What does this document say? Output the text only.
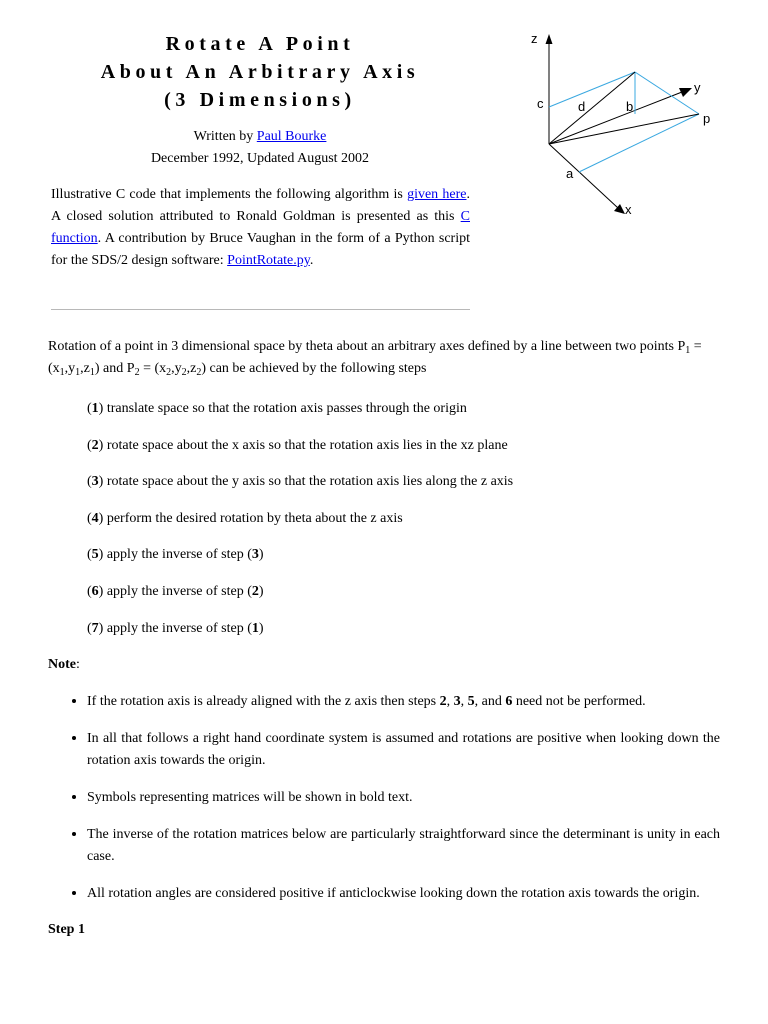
Rotate A Point
About An Arbitrary Axis
(3 Dimensions)
Written by Paul Bourke
December 1992, Updated August 2002

Illustrative C code that implements the following algorithm is given here. A closed solution attributed to Ronald Goldman is presented as this C function. A contribution by Bruce Vaughan in the form of a Python script for the SDS/2 design software: PointRotate.py.

z
y
x
c	d	b
p
a

Rotation of a point in 3 dimensional space by theta about an arbitrary axes defined by a line between two points $P_1 = (x_1,y_1,z_1)$ and $P_2 = (x_2,y_2,z_2)$ can be achieved by the following steps

(1) translate space so that the rotation axis passes through the origin

(2) rotate space about the x axis so that the rotation axis lies in the xz plane

(3) rotate space about the y axis so that the rotation axis lies along the z axis

(4) perform the desired rotation by theta about the z axis

(5) apply the inverse of step (3)

(6) apply the inverse of step (2)

(7) apply the inverse of step (1)

Note:

• If the rotation axis is already aligned with the z axis then steps 2, 3, 5, and 6 need not be performed.
• In all that follows a right hand coordinate system is assumed and rotations are positive when looking down the rotation axis towards the origin.
• Symbols representing matrices will be shown in bold text.
• The inverse of the rotation matrices below are particularly straightforward since the determinant is unity in each case.
• All rotation angles are considered positive if anticlockwise looking down the rotation axis towards the origin.

Step 1
